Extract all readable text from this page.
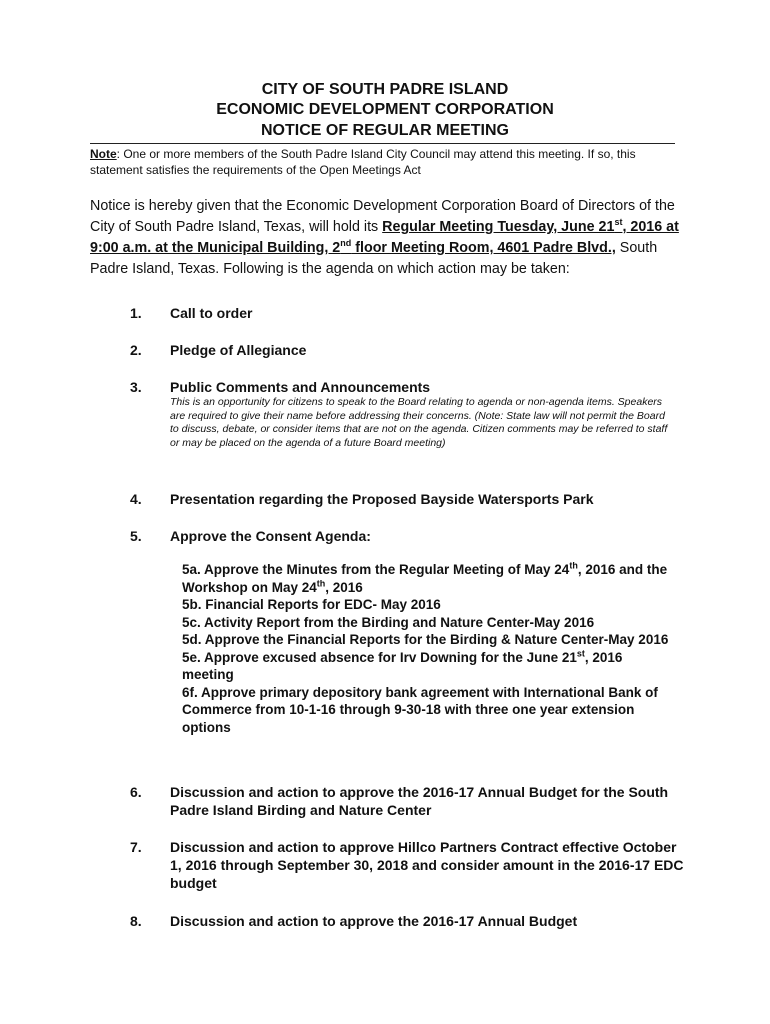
CITY OF SOUTH PADRE ISLAND
ECONOMIC DEVELOPMENT CORPORATION
NOTICE OF REGULAR MEETING
Note: One or more members of the South Padre Island City Council may attend this meeting. If so, this statement satisfies the requirements of the Open Meetings Act
Notice is hereby given that the Economic Development Corporation Board of Directors of the City of South Padre Island, Texas, will hold its Regular Meeting Tuesday, June 21st, 2016 at 9:00 a.m. at the Municipal Building, 2nd floor Meeting Room, 4601 Padre Blvd., South Padre Island, Texas. Following is the agenda on which action may be taken:
1.	Call to order
2.	Pledge of Allegiance
3.	Public Comments and Announcements
This is an opportunity for citizens to speak to the Board relating to agenda or non-agenda items. Speakers are required to give their name before addressing their concerns. (Note: State law will not permit the Board to discuss, debate, or consider items that are not on the agenda. Citizen comments may be referred to staff or may be placed on the agenda of a future Board meeting)
4.	Presentation regarding the Proposed Bayside Watersports Park
5.	Approve the Consent Agenda:
5a. Approve the Minutes from the Regular Meeting of May 24th, 2016 and the Workshop on May 24th, 2016
5b. Financial Reports for EDC- May 2016
5c. Activity Report from the Birding and Nature Center-May 2016
5d. Approve the Financial Reports for the Birding & Nature Center-May 2016
5e. Approve excused absence for Irv Downing for the June 21st, 2016 meeting
6f. Approve primary depository bank agreement with International Bank of Commerce from 10-1-16 through 9-30-18 with three one year extension options
6.	Discussion and action to approve the 2016-17 Annual Budget for the South Padre Island Birding and Nature Center
7.	Discussion and action to approve Hillco Partners Contract effective October 1, 2016 through September 30, 2018 and consider amount in the 2016-17 EDC budget
8.	Discussion and action to approve the 2016-17 Annual Budget
